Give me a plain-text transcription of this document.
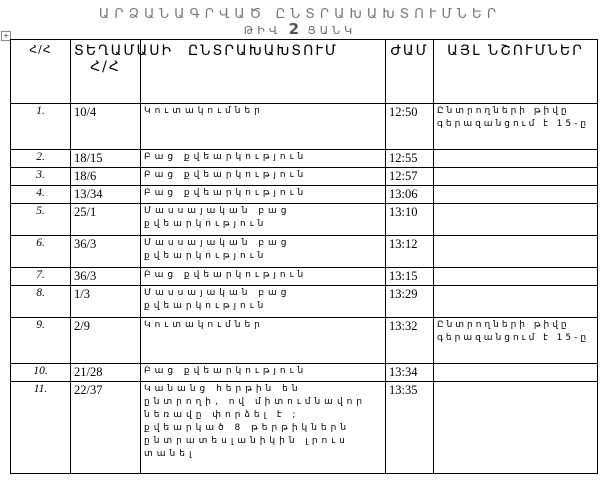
ԱՐՁԱՆԱԳՐՎԱԾ ԸՆՏՐԱԽԱԽՏՈՒՄՆԵՐ
ԹԻՎ 2 ՑԱՆԿ
+
Հ/Հ	ՏԵՂԱՄԱՍԻ Հ/Հ	ԸՆՏՐԱԽԱԽՏՈՒՄ	ԺԱՄ	ԱՅԼ ՆՇՈՒՄՆԵՐ
1.	10/4	Կուտակումներ	12:50	Ընտրողների թիվը գերազանցում է 15-ը
2.	18/15	Բաց քվեարկություն	12:55	
3.	18/6	Բաց քվեարկություն	12:57	
4.	13/34	Բաց քվեարկություն	13:06	
5.	25/1	Մասսայական բաց քվեարկություն	13:10	
6.	36/3	Մասսայական բաց քվեարկություն	13:12	
7.	36/3	Բաց քվեարկություն	13:15	
8.	1/3	Մասսայական բաց քվեարկություն	13:29	
9.	2/9	Կուտակումներ	13:32	Ընտրողների թիվը գերազանցում է 15-ը
10.	21/28	Բաց քվեարկություն	13:34	
11.	22/37	Կանանց հերթին են ընտրողի, ով միտումնավոր նեռավը փորձել է ; քվեարկած 8 թերթիկներն ընտրատեսլանիկին լրուս տանել	13:35	
